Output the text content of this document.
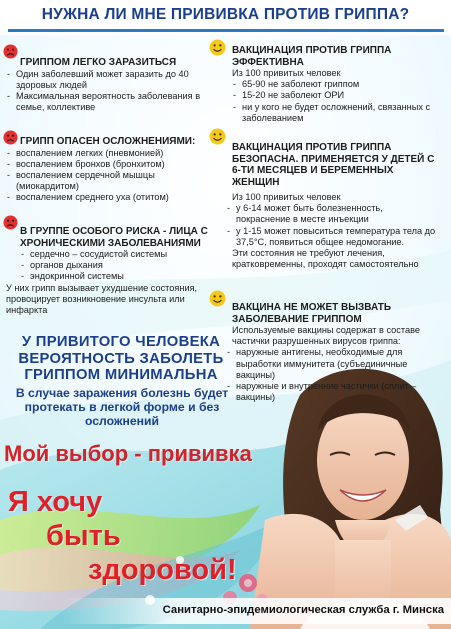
НУЖНА ЛИ МНЕ ПРИВИВКА ПРОТИВ ГРИППА?
ГРИППОМ ЛЕГКО ЗАРАЗИТЬСЯ
- Один заболевший может заразить до 40 здоровых людей
- Максимальная вероятность заболевания в семье, коллективе
ГРИПП ОПАСЕН ОСЛОЖНЕНИЯМИ:
- воспалением легких (пневмонией)
- воспалением бронхов (бронхитом)
- воспалением сердечной мышцы (миокардитом)
- воспалением среднего уха (отитом)
В ГРУППЕ ОСОБОГО РИСКА - ЛИЦА С ХРОНИЧЕСКИМИ ЗАБОЛЕВАНИЯМИ
- сердечно – сосудистой системы
- органов дыхания
- эндокринной системы
У них грипп вызывает ухудшение состояния, провоцирует возникновение инсульта или инфаркта
У ПРИВИТОГО ЧЕЛОВЕКА ВЕРОЯТНОСТЬ ЗАБОЛЕТЬ ГРИППОМ МИНИМАЛЬНА
В случае заражения болезнь будет протекать в легкой форме и без осложнений
ВАКЦИНАЦИЯ ПРОТИВ ГРИППА ЭФФЕКТИВНА
Из 100 привитых человек
- 65-90 не заболеют гриппом
- 15-20 не заболеют ОРИ
- ни у кого не будет осложнений, связанных с заболеванием
ВАКЦИНАЦИЯ ПРОТИВ ГРИППА БЕЗОПАСНА. ПРИМЕНЯЕТСЯ У ДЕТЕЙ С 6-ТИ МЕСЯЦЕВ И БЕРЕМЕННЫХ ЖЕНЩИН
Из 100 привитых человек
- у 6-14 может быть болезненность, покраснение в месте инъекции
- у 1-15 может повыситься температура тела до 37,5°С, появиться общее недомогание.
Эти состояния не требуют лечения, кратковременны, проходят самостоятельно
ВАКЦИНА НЕ МОЖЕТ ВЫЗВАТЬ ЗАБОЛЕВАНИЕ ГРИППОМ
Используемые вакцины содержат в составе частички разрушенных вирусов гриппа:
- наружные антигены, необходимые для выработки иммунитета (субъединичные вакцины)
- наружные и внутренние частички (сплит – вакцины)
Мой выбор - прививка
Я хочу
быть
здоровой!
Санитарно-эпидемиологическая служба г. Минска
